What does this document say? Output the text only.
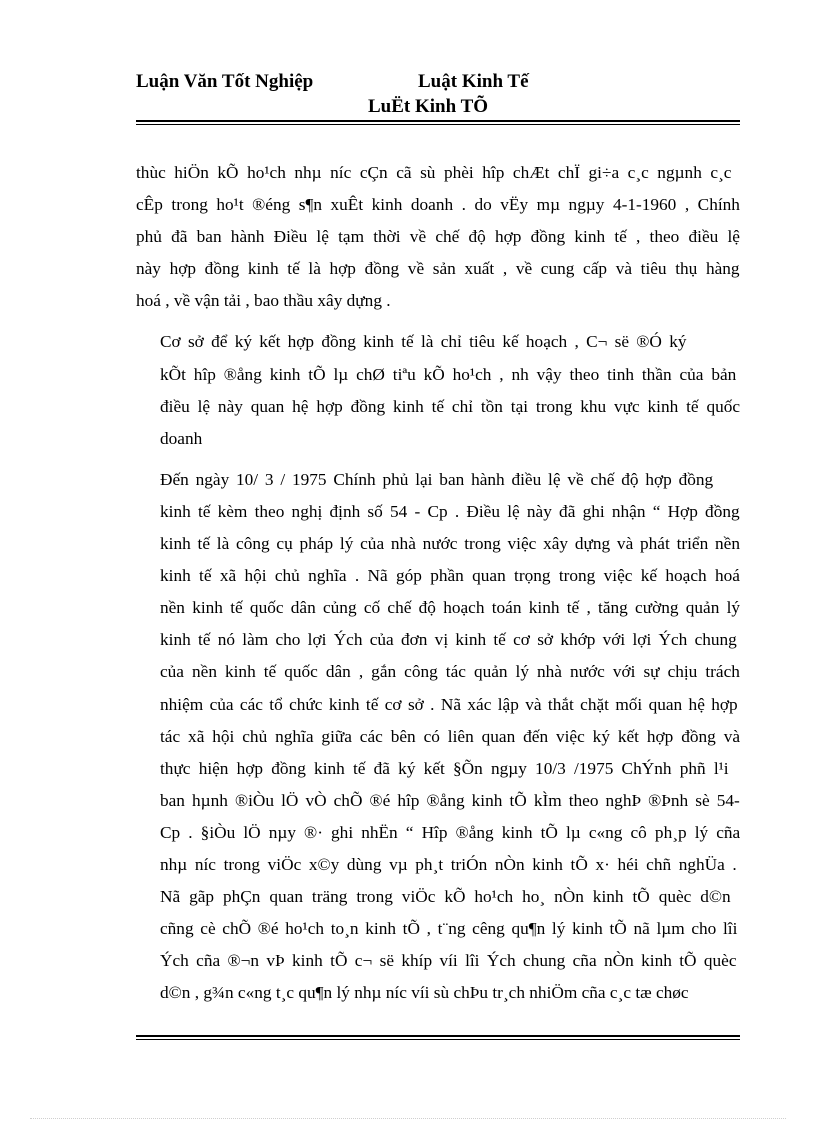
Luận Văn Tốt Nghiệp	Luật Kinh Tế
LuËt Kinh TÕ

thùc hiÖn kÕ ho¹ch nhµ níc cÇn cã sù phèi hîp chÆt chÏ gi÷a c¸c ngµnh c¸c
cÊp trong ho¹t ®éng s¶n xuÊt kinh doanh . do vËy mµ ngµy 4-1-1960 , Chính
phủ đã ban hành Điều lệ tạm thời về chế độ hợp đồng kinh tế , theo điều lệ
này hợp đồng kinh tế là hợp đồng về sản xuất , về cung cấp và tiêu thụ hàng
hoá , về vận tải , bao thầu xây dựng .

Cơ sở để ký kết hợp đồng kinh tế là chỉ tiêu kế hoạch , C¬ së ®Ó ký
kÕt hîp ®ång kinh tÕ lµ chØ tiªu kÕ ho¹ch , nh vậy theo tinh thần của bản
điều lệ này quan hệ hợp đồng kinh tế chỉ tồn tại trong khu vực kinh tế quốc
doanh

Đến ngày 10/ 3 / 1975 Chính phủ lại ban hành điều lệ về chế độ hợp đồng
kinh tế kèm theo nghị định số 54 - Cp . Điều lệ này đã ghi nhận “ Hợp đồng
kinh tế là công cụ pháp lý của nhà nước trong việc xây dựng và phát triển nền
kinh tế xã hội chủ nghĩa . Nã góp phần quan trọng trong việc kế hoạch hoá
nền kinh tế quốc dân củng cố chế độ hoạch toán kinh tế , tăng cường quản lý
kinh tế nó làm cho lợi Ých của đơn vị kinh tế cơ sở khớp với lợi Ých chung
của nền kinh tế quốc dân , gắn công tác quản lý nhà nước với sự chịu trách
nhiệm của các tổ chức kinh tế cơ sở . Nã xác lập và thắt chặt mối quan hệ hợp
tác xã hội chủ nghĩa giữa các bên có liên quan đến việc ký kết hợp đồng và
thực hiện hợp đồng kinh tế đã ký kết §Õn ngµy 10/3 /1975 ChÝnh phñ l¹i
ban hµnh ®iÒu lÖ vÒ chÕ ®é hîp ®ång kinh tÕ kÌm theo nghÞ ®Þnh sè 54-
Cp . §iÒu lÖ nµy ®· ghi nhËn “ Hîp ®ång kinh tÕ lµ c«ng cô ph¸p lý cña
nhµ níc trong viÖc x©y dùng vµ ph¸t triÓn nÒn kinh tÕ x· héi chñ nghÜa .
Nã gãp phÇn quan träng trong viÖc kÕ ho¹ch ho¸ nÒn kinh tÕ quèc d©n
cñng cè chÕ ®é ho¹ch to¸n kinh tÕ , t¨ng cêng qu¶n lý kinh tÕ nã lµm cho lîi
Ých cña ®¬n vÞ kinh tÕ c¬ së khíp víi lîi Ých chung cña nÒn kinh tÕ quèc
d©n , g¾n c«ng t¸c qu¶n lý nhµ níc víi sù chÞu tr¸ch nhiÖm cña c¸c tæ chøc
